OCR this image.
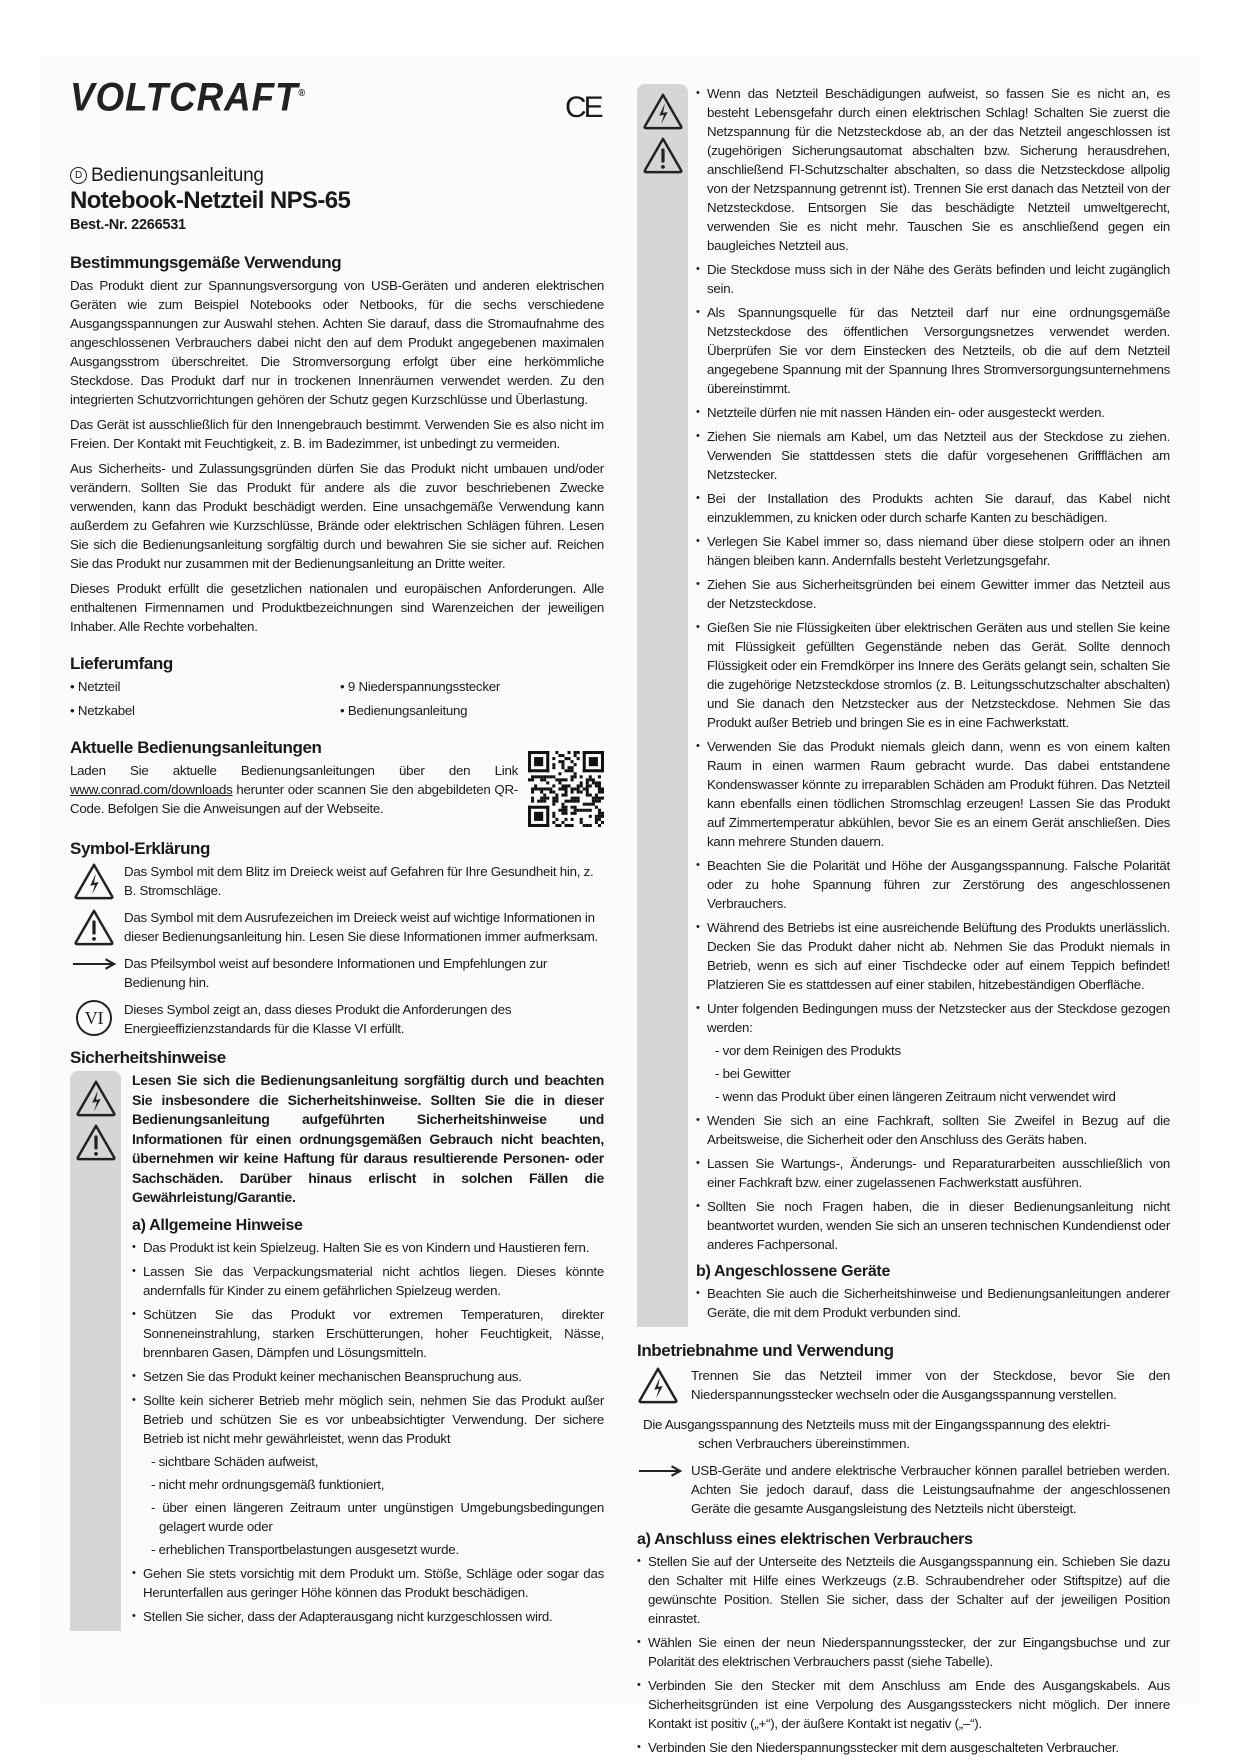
VOLTCRAFT®	CE
D Bedienungsanleitung
Notebook-Netzteil NPS-65
Best.-Nr. 2266531
Bestimmungsgemäße Verwendung

Das Produkt dient zur Spannungsversorgung von USB-Geräten und anderen elektrischen Geräten wie zum Beispiel Notebooks oder Netbooks, für die sechs verschiedene Ausgangsspannungen zur Auswahl stehen. Achten Sie darauf, dass die Stromaufnahme des angeschlossenen Verbrauchers dabei nicht den auf dem Produkt angegebenen maximalen Ausgangsstrom überschreitet. Die Stromversorgung erfolgt über eine herkömmliche Steckdose. Das Produkt darf nur in trockenen Innenräumen verwendet werden. Zu den integrierten Schutzvorrichtungen gehören der Schutz gegen Kurzschlüsse und Überlastung.

Das Gerät ist ausschließlich für den Innengebrauch bestimmt. Verwenden Sie es also nicht im Freien. Der Kontakt mit Feuchtigkeit, z. B. im Badezimmer, ist unbedingt zu vermeiden.

Aus Sicherheits- und Zulassungsgründen dürfen Sie das Produkt nicht umbauen und/oder verändern. Sollten Sie das Produkt für andere als die zuvor beschriebenen Zwecke verwenden, kann das Produkt beschädigt werden. Eine unsachgemäße Verwendung kann außerdem zu Gefahren wie Kurzschlüsse, Brände oder elektrischen Schlägen führen. Lesen Sie sich die Bedienungsanleitung sorgfältig durch und bewahren Sie sie sicher auf. Reichen Sie das Produkt nur zusammen mit der Bedienungsanleitung an Dritte weiter.

Dieses Produkt erfüllt die gesetzlichen nationalen und europäischen Anforderungen. Alle enthaltenen Firmennamen und Produktbezeichnungen sind Warenzeichen der jeweiligen Inhaber. Alle Rechte vorbehalten.

Lieferumfang
• Netzteil	• 9 Niederspannungsstecker
• Netzkabel	• Bedienungsanleitung
Aktuelle Bedienungsanleitungen

Laden Sie aktuelle Bedienungsanleitungen über den Link www.conrad.com/downloads herunter oder scannen Sie den abgebildeten QR-Code. Befolgen Sie die Anweisungen auf der Webseite.

Symbol-Erklärung

Das Symbol mit dem Blitz im Dreieck weist auf Gefahren für Ihre Gesundheit hin, z. B. Stromschläge.

Das Symbol mit dem Ausrufezeichen im Dreieck weist auf wichtige Informationen in dieser Bedienungsanleitung hin. Lesen Sie diese Informationen immer aufmerksam.

Das Pfeilsymbol weist auf besondere Informationen und Empfehlungen zur Bedienung hin.

VI	Dieses Symbol zeigt an, dass dieses Produkt die Anforderungen des Energieeffizienzstandards für die Klasse VI erfüllt.

Sicherheitshinweise

Lesen Sie sich die Bedienungsanleitung sorgfältig durch und beachten Sie insbesondere die Sicherheitshinweise. Sollten Sie die in dieser Bedienungsanleitung aufgeführten Sicherheitshinweise und Informationen für einen ordnungsgemäßen Gebrauch nicht beachten, übernehmen wir keine Haftung für daraus resultierende Personen- oder Sachschäden. Darüber hinaus erlischt in solchen Fällen die Gewährleistung/Garantie.

a) Allgemeine Hinweise
• Das Produkt ist kein Spielzeug. Halten Sie es von Kindern und Haustieren fern.
• Lassen Sie das Verpackungsmaterial nicht achtlos liegen. Dieses könnte andernfalls für Kinder zu einem gefährlichen Spielzeug werden.
• Schützen Sie das Produkt vor extremen Temperaturen, direkter Sonneneinstrahlung, starken Erschütterungen, hoher Feuchtigkeit, Nässe, brennbaren Gasen, Dämpfen und Lösungsmitteln.
• Setzen Sie das Produkt keiner mechanischen Beanspruchung aus.
• Sollte kein sicherer Betrieb mehr möglich sein, nehmen Sie das Produkt außer Betrieb und schützen Sie es vor unbeabsichtigter Verwendung. Der sichere Betrieb ist nicht mehr gewährleistet, wenn das Produkt
- sichtbare Schäden aufweist,
- nicht mehr ordnungsgemäß funktioniert,
- über einen längeren Zeitraum unter ungünstigen Umgebungsbedingungen gelagert wurde oder
- erheblichen Transportbelastungen ausgesetzt wurde.
• Gehen Sie stets vorsichtig mit dem Produkt um. Stöße, Schläge oder sogar das Herunterfallen aus geringer Höhe können das Produkt beschädigen.
• Stellen Sie sicher, dass der Adapterausgang nicht kurzgeschlossen wird.
• Wenn das Netzteil Beschädigungen aufweist, so fassen Sie es nicht an, es besteht Lebensgefahr durch einen elektrischen Schlag! Schalten Sie zuerst die Netzspannung für die Netzsteckdose ab, an der das Netzteil angeschlossen ist (zugehörigen Sicherungsautomat abschalten bzw. Sicherung herausdrehen, anschließend FI-Schutzschalter abschalten, so dass die Netzsteckdose allpolig von der Netzspannung getrennt ist). Trennen Sie erst danach das Netzteil von der Netzsteckdose. Entsorgen Sie das beschädigte Netzteil umweltgerecht, verwenden Sie es nicht mehr. Tauschen Sie es anschließend gegen ein baugleiches Netzteil aus.
• Die Steckdose muss sich in der Nähe des Geräts befinden und leicht zugänglich sein.
• Als Spannungsquelle für das Netzteil darf nur eine ordnungsgemäße Netzsteckdose des öffentlichen Versorgungsnetzes verwendet werden. Überprüfen Sie vor dem Einstecken des Netzteils, ob die auf dem Netzteil angegebene Spannung mit der Spannung Ihres Stromversorgungsunternehmens übereinstimmt.
• Netzteile dürfen nie mit nassen Händen ein- oder ausgesteckt werden.
• Ziehen Sie niemals am Kabel, um das Netzteil aus der Steckdose zu ziehen. Verwenden Sie stattdessen stets die dafür vorgesehenen Griffflächen am Netzstecker.
• Bei der Installation des Produkts achten Sie darauf, das Kabel nicht einzuklemmen, zu knicken oder durch scharfe Kanten zu beschädigen.
• Verlegen Sie Kabel immer so, dass niemand über diese stolpern oder an ihnen hängen bleiben kann. Andernfalls besteht Verletzungsgefahr.
• Ziehen Sie aus Sicherheitsgründen bei einem Gewitter immer das Netzteil aus der Netzsteckdose.
• Gießen Sie nie Flüssigkeiten über elektrischen Geräten aus und stellen Sie keine mit Flüssigkeit gefüllten Gegenstände neben das Gerät. Sollte dennoch Flüssigkeit oder ein Fremdkörper ins Innere des Geräts gelangt sein, schalten Sie die zugehörige Netzsteckdose stromlos (z. B. Leitungsschutzschalter abschalten) und Sie danach den Netzstecker aus der Netzsteckdose. Nehmen Sie das Produkt außer Betrieb und bringen Sie es in eine Fachwerkstatt.
• Verwenden Sie das Produkt niemals gleich dann, wenn es von einem kalten Raum in einen warmen Raum gebracht wurde. Das dabei entstandene Kondenswasser könnte zu irreparablen Schäden am Produkt führen. Das Netzteil kann ebenfalls einen tödlichen Stromschlag erzeugen! Lassen Sie das Produkt auf Zimmertemperatur abkühlen, bevor Sie es an einem Gerät anschließen. Dies kann mehrere Stunden dauern.
• Beachten Sie die Polarität und Höhe der Ausgangsspannung. Falsche Polarität oder zu hohe Spannung führen zur Zerstörung des angeschlossenen Verbrauchers.
• Während des Betriebs ist eine ausreichende Belüftung des Produkts unerlässlich. Decken Sie das Produkt daher nicht ab. Nehmen Sie das Produkt niemals in Betrieb, wenn es sich auf einer Tischdecke oder auf einem Teppich befindet! Platzieren Sie es stattdessen auf einer stabilen, hitzebeständigen Oberfläche.
• Unter folgenden Bedingungen muss der Netzstecker aus der Steckdose gezogen werden:
- vor dem Reinigen des Produkts
- bei Gewitter
- wenn das Produkt über einen längeren Zeitraum nicht verwendet wird
• Wenden Sie sich an eine Fachkraft, sollten Sie Zweifel in Bezug auf die Arbeitsweise, die Sicherheit oder den Anschluss des Geräts haben.
• Lassen Sie Wartungs-, Änderungs- und Reparaturarbeiten ausschließlich von einer Fachkraft bzw. einer zugelassenen Fachwerkstatt ausführen.
• Sollten Sie noch Fragen haben, die in dieser Bedienungsanleitung nicht beantwortet wurden, wenden Sie sich an unseren technischen Kundendienst oder anderes Fachpersonal.
b) Angeschlossene Geräte
• Beachten Sie auch die Sicherheitshinweise und Bedienungsanleitungen anderer Geräte, die mit dem Produkt verbunden sind.
Inbetriebnahme und Verwendung

Trennen Sie das Netzteil immer von der Steckdose, bevor Sie den Niederspannungsstecker wechseln oder die Ausgangsspannung verstellen.

Die Ausgangsspannung des Netzteils muss mit der Eingangsspannung des elektri-
schen Verbrauchers übereinstimmen.

USB-Geräte und andere elektrische Verbraucher können parallel betrieben werden. Achten Sie jedoch darauf, dass die Leistungsaufnahme der angeschlossenen Geräte die gesamte Ausgangsleistung des Netzteils nicht übersteigt.

a) Anschluss eines elektrischen Verbrauchers
• Stellen Sie auf der Unterseite des Netzteils die Ausgangsspannung ein. Schieben Sie dazu den Schalter mit Hilfe eines Werkzeugs (z.B. Schraubendreher oder Stiftspitze) auf die gewünschte Position. Stellen Sie sicher, dass der Schalter auf der jeweiligen Position einrastet.
• Wählen Sie einen der neun Niederspannungsstecker, der zur Eingangsbuchse und zur Polarität des elektrischen Verbrauchers passt (siehe Tabelle).
• Verbinden Sie den Stecker mit dem Anschluss am Ende des Ausgangskabels. Aus Sicherheitsgründen ist eine Verpolung des Ausgangssteckers nicht möglich. Der innere Kontakt ist positiv („+“), der äußere Kontakt ist negativ („–“).
• Verbinden Sie den Niederspannungsstecker mit dem ausgeschalteten Verbraucher.
